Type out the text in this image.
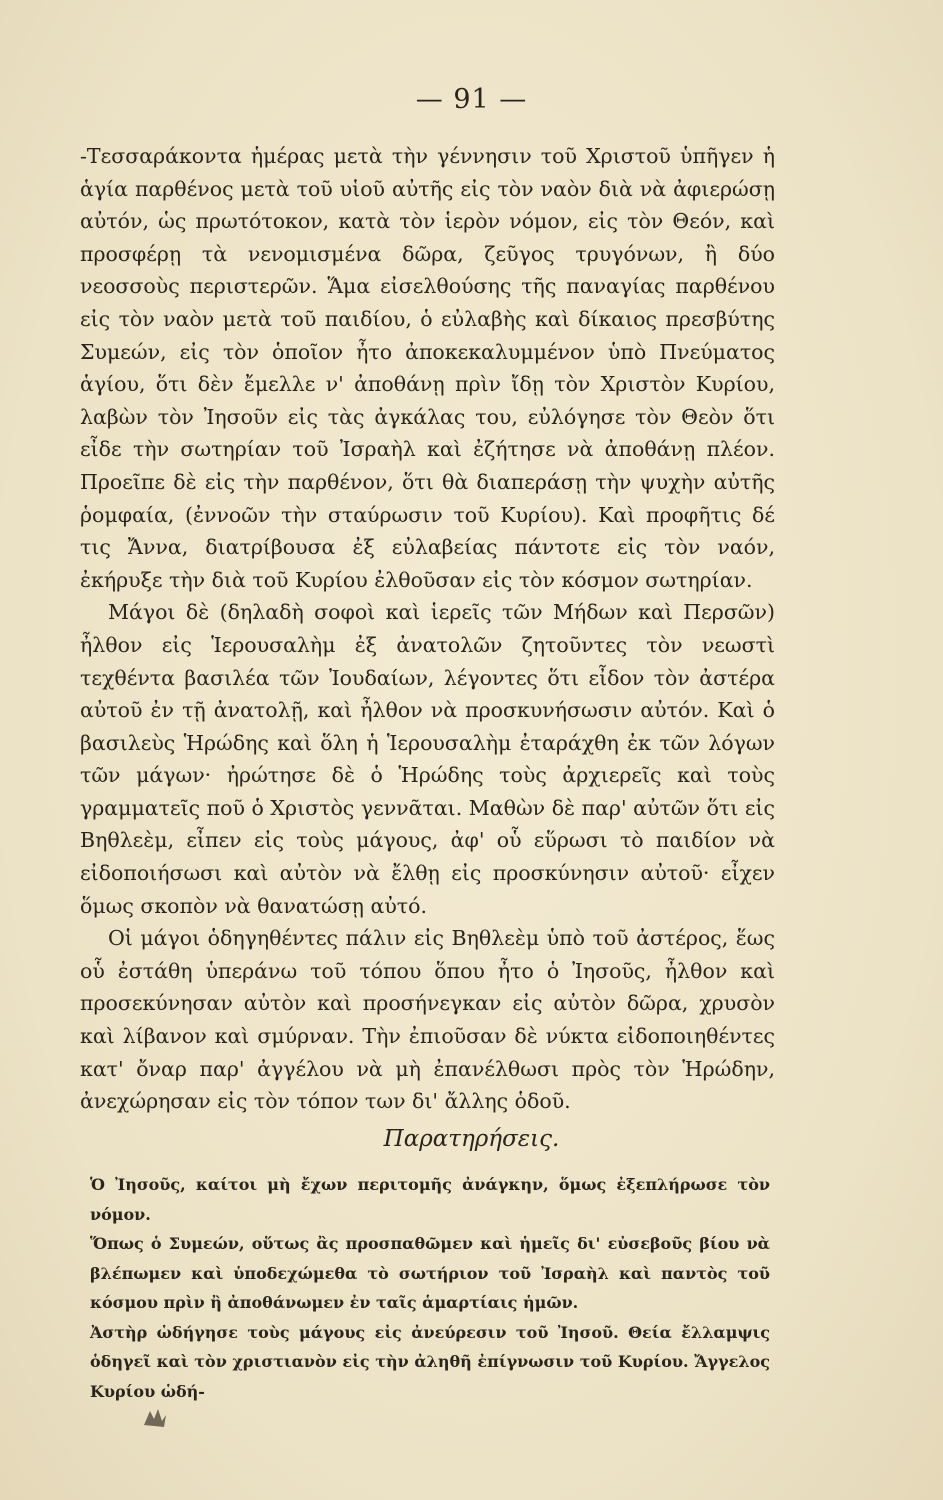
— 91 —

-Τεσσαράκοντα ἡμέρας μετὰ τὴν γέννησιν τοῦ Χριστοῦ ὑπῆγεν ἡ ἁγία παρθένος μετὰ τοῦ υἱοῦ αὐτῆς εἰς τὸν ναὸν διὰ νὰ ἀφιερώσῃ αὐτόν, ὡς πρωτότοκον, κατὰ τὸν ἱερὸν νόμον, εἰς τὸν Θεόν, καὶ προσφέρῃ τὰ νενομισμένα δῶρα, ζεῦγος τρυγόνων, ἢ δύο νεοσσοὺς περιστερῶν. Ἅμα εἰσελθούσης τῆς παναγίας παρθένου εἰς τὸν ναὸν μετὰ τοῦ παιδίου, ὁ εὐλαβὴς καὶ δίκαιος πρεσβύτης Συμεών, εἰς τὸν ὁποῖον ἦτο ἀποκεκαλυμμένον ὑπὸ Πνεύματος ἁγίου, ὅτι δὲν ἔμελλε ν' ἀποθάνῃ πρὶν ἴδῃ τὸν Χριστὸν Κυρίου, λαβὼν τὸν Ἰησοῦν εἰς τὰς ἀγκάλας του, εὐλόγησε τὸν Θεὸν ὅτι εἶδε τὴν σωτηρίαν τοῦ Ἰσραὴλ καὶ ἐζήτησε νὰ ἀποθάνῃ πλέον. Προεῖπε δὲ εἰς τὴν παρθένον, ὅτι θὰ διαπεράσῃ τὴν ψυχὴν αὐτῆς ῥομφαία, (ἐννοῶν τὴν σταύρωσιν τοῦ Κυρίου). Καὶ προφῆτις δέ τις Ἄννα, διατρίβουσα ἐξ εὐλαβείας πάντοτε εἰς τὸν ναόν, ἐκήρυξε τὴν διὰ τοῦ Κυρίου ἐλθοῦσαν εἰς τὸν κόσμον σωτηρίαν.

Μάγοι δὲ (δηλαδὴ σοφοὶ καὶ ἱερεῖς τῶν Μήδων καὶ Περσῶν) ἦλθον εἰς Ἱερουσαλὴμ ἐξ ἀνατολῶν ζητοῦντες τὸν νεωστὶ τεχθέντα βασιλέα τῶν Ἰουδαίων, λέγοντες ὅτι εἶδον τὸν ἀστέρα αὐτοῦ ἐν τῇ ἀνατολῇ, καὶ ἦλθον νὰ προσκυνήσωσιν αὐτόν. Καὶ ὁ βασιλεὺς Ἡρώδης καὶ ὅλη ἡ Ἱερουσαλὴμ ἐταράχθη ἐκ τῶν λόγων τῶν μάγων· ἠρώτησε δὲ ὁ Ἡρώδης τοὺς ἀρχιερεῖς καὶ τοὺς γραμματεῖς ποῦ ὁ Χριστὸς γεννᾶται. Μαθὼν δὲ παρ' αὐτῶν ὅτι εἰς Βηθλεὲμ, εἶπεν εἰς τοὺς μάγους, ἀφ' οὗ εὕρωσι τὸ παιδίον νὰ εἰδοποιήσωσι καὶ αὐτὸν νὰ ἔλθῃ εἰς προσκύνησιν αὐτοῦ· εἶχεν ὅμως σκοπὸν νὰ θανατώσῃ αὐτό.

Οἱ μάγοι ὁδηγηθέντες πάλιν εἰς Βηθλεὲμ ὑπὸ τοῦ ἀστέρος, ἕως οὗ ἐστάθη ὑπεράνω τοῦ τόπου ὅπου ἦτο ὁ Ἰησοῦς, ἦλθον καὶ προσεκύνησαν αὐτὸν καὶ προσήνεγκαν εἰς αὐτὸν δῶρα, χρυσὸν καὶ λίβανον καὶ σμύρναν. Τὴν ἐπιοῦσαν δὲ νύκτα εἰδοποιηθέντες κατ' ὄναρ παρ' ἀγγέλου νὰ μὴ ἐπανέλθωσι πρὸς τὸν Ἡρώδην, ἀνεχώρησαν εἰς τὸν τόπον των δι' ἄλλης ὁδοῦ.

Παρατηρήσεις.

Ὁ Ἰησοῦς, καίτοι μὴ ἔχων περιτομῆς ἀνάγκην, ὅμως ἐξεπλήρωσε τὸν νόμον.

Ὅπως ὁ Συμεών, οὕτως ἂς προσπαθῶμεν καὶ ἡμεῖς δι' εὐσεβοῦς βίου νὰ βλέπωμεν καὶ ὑποδεχώμεθα τὸ σωτήριον τοῦ Ἰσραὴλ καὶ παντὸς τοῦ κόσμου πρὶν ἢ ἀποθάνωμεν ἐν ταῖς ἁμαρτίαις ἡμῶν.

Ἀστὴρ ὡδήγησε τοὺς μάγους εἰς ἀνεύρεσιν τοῦ Ἰησοῦ. Θεία ἔλλαμψις ὁδηγεῖ καὶ τὸν χριστιανὸν εἰς τὴν ἀληθῆ ἐπίγνωσιν τοῦ Κυρίου. Ἄγγελος Κυρίου ὡδή-
